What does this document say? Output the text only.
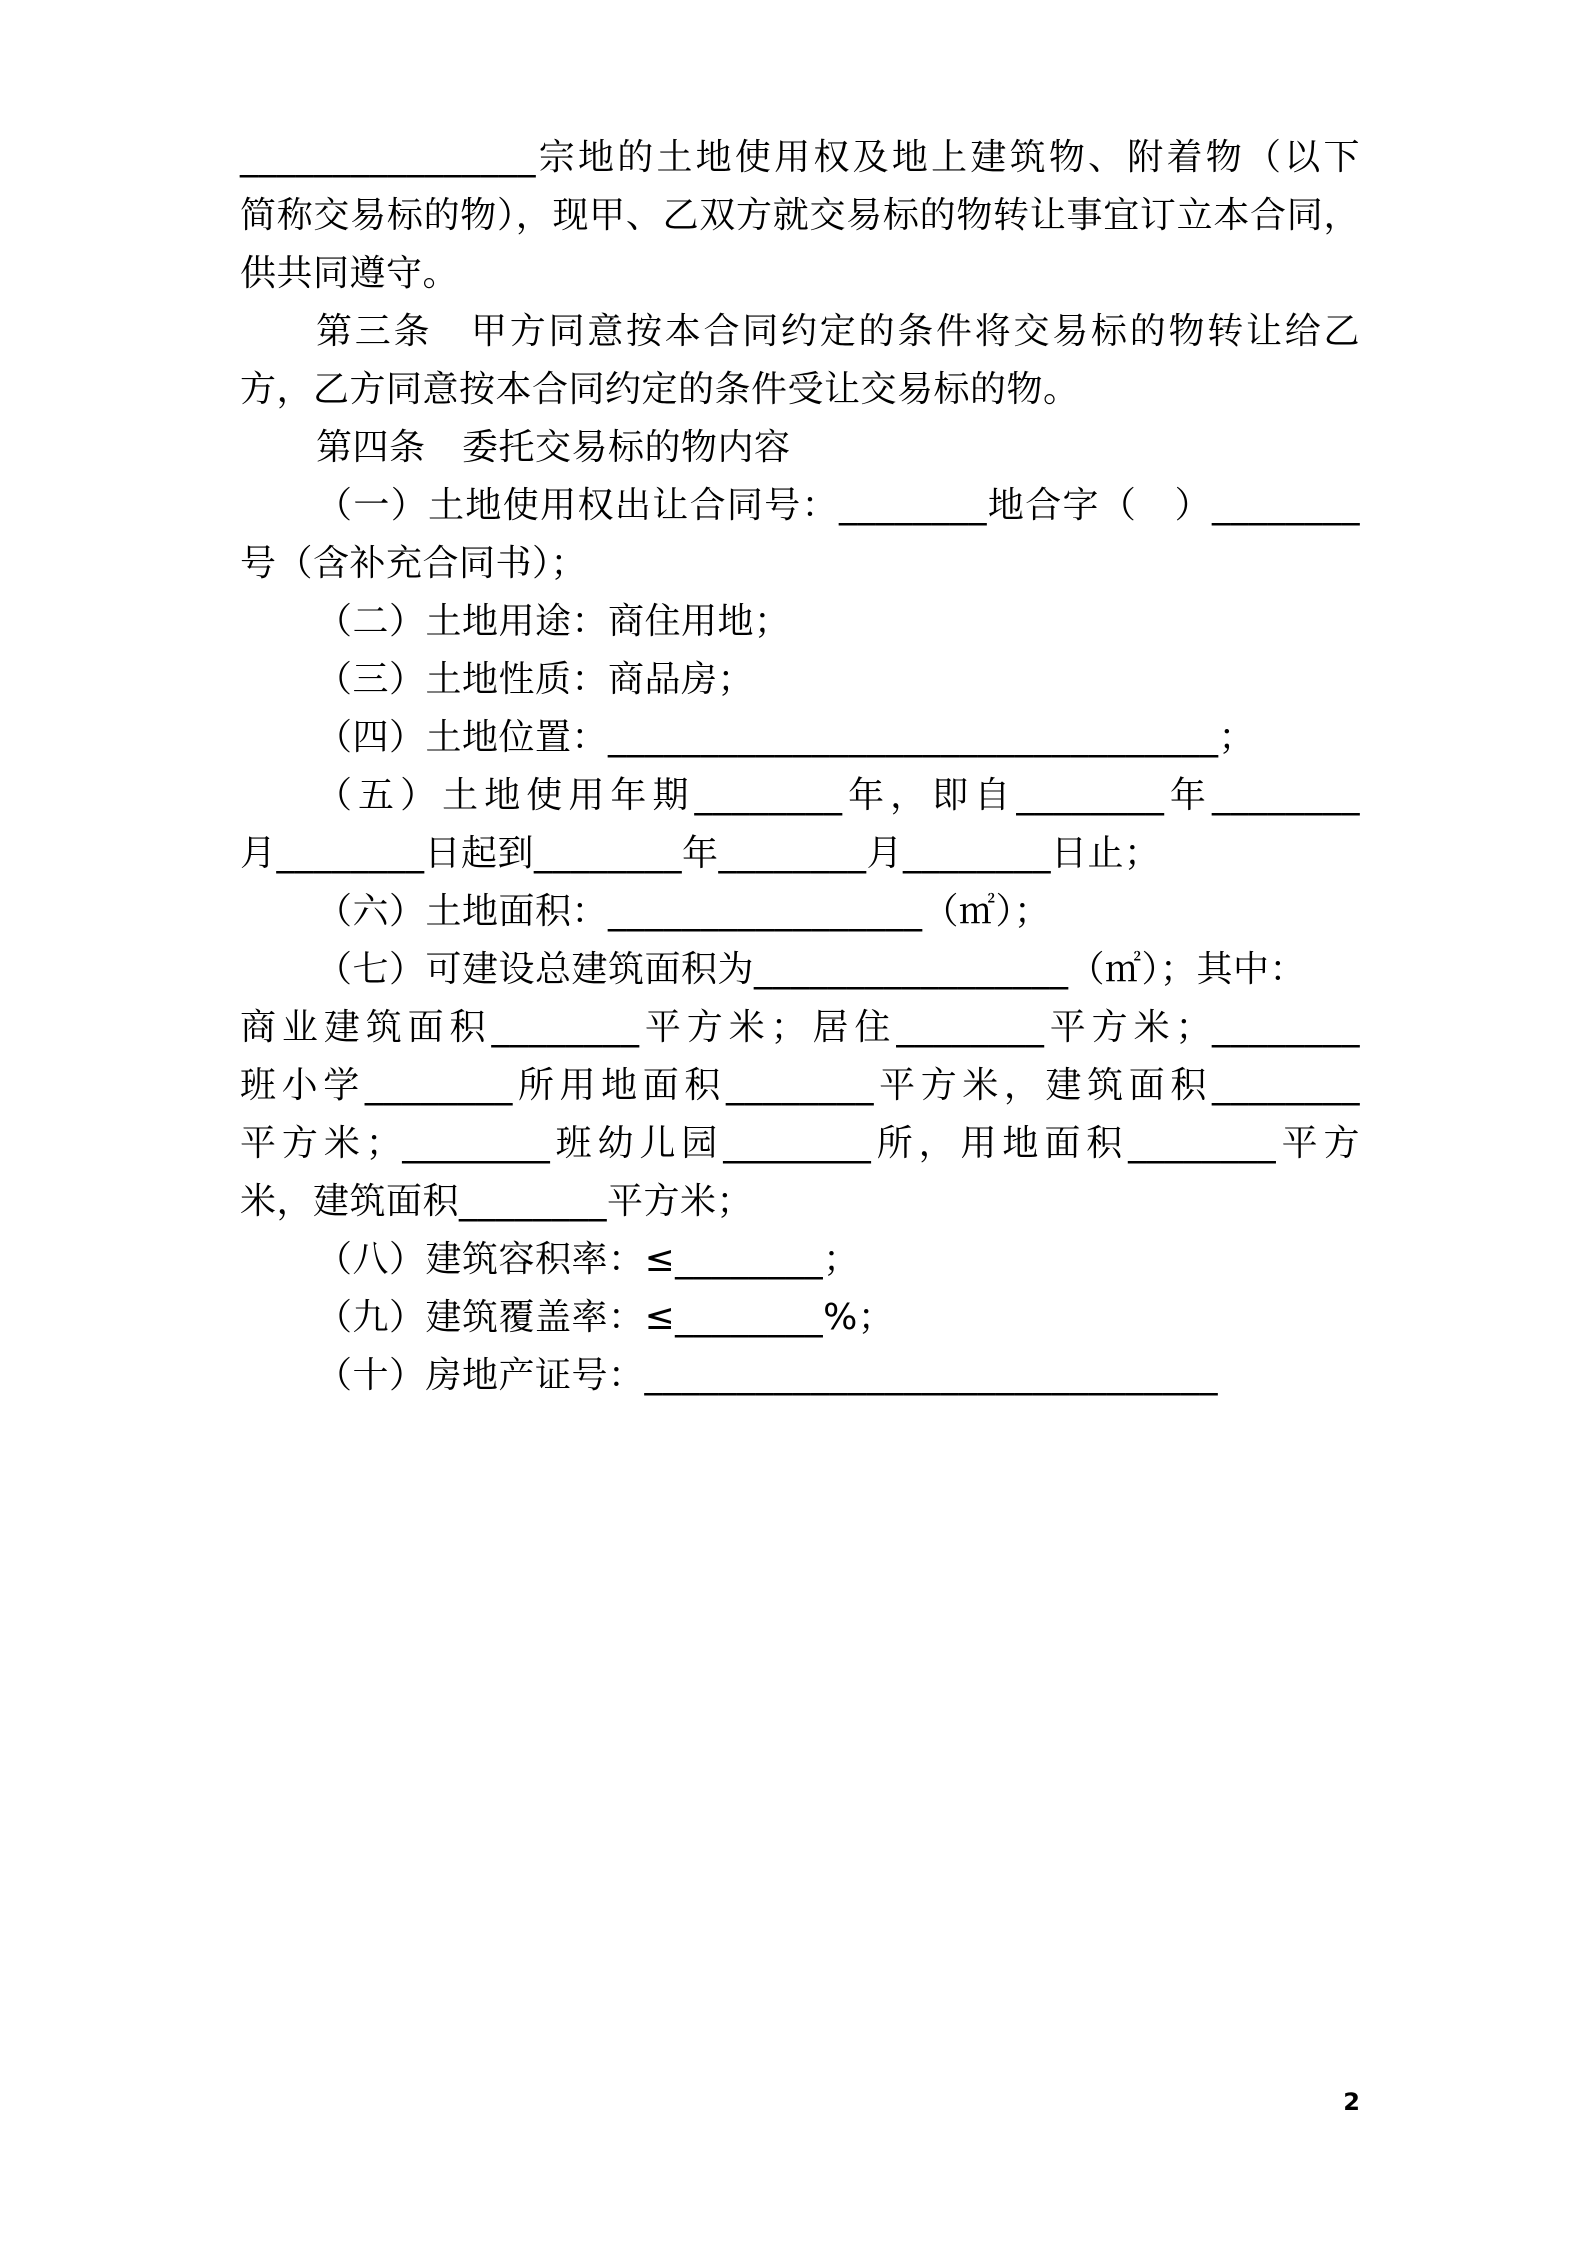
________________宗地的土地使用权及地上建筑物、附着物（以下
简称交易标的物），现甲、乙双方就交易标的物转让事宜订立本合同，
供共同遵守。
第三条　甲方同意按本合同约定的条件将交易标的物转让给乙
方，乙方同意按本合同约定的条件受让交易标的物。
第四条　委托交易标的物内容
（一）土地使用权出让合同号：________地合字（　）________
号（含补充合同书）；
（二）土地用途：商住用地；
（三）土地性质：商品房；
（四）土地位置：_________________________________；
（五）土地使用年期________年，即自________年________
月________日起到________年________月________日止；
（六）土地面积：_________________（㎡）；
（七）可建设总建筑面积为_________________（㎡）；其中：
商业建筑面积________平方米；居住________平方米；________
班小学________所用地面积________平方米，建筑面积________
平方米；________班幼儿园________所，用地面积________平方
米，建筑面积________平方米；
（八）建筑容积率：≤________；
（九）建筑覆盖率：≤________%；
（十）房地产证号：_______________________________
2
